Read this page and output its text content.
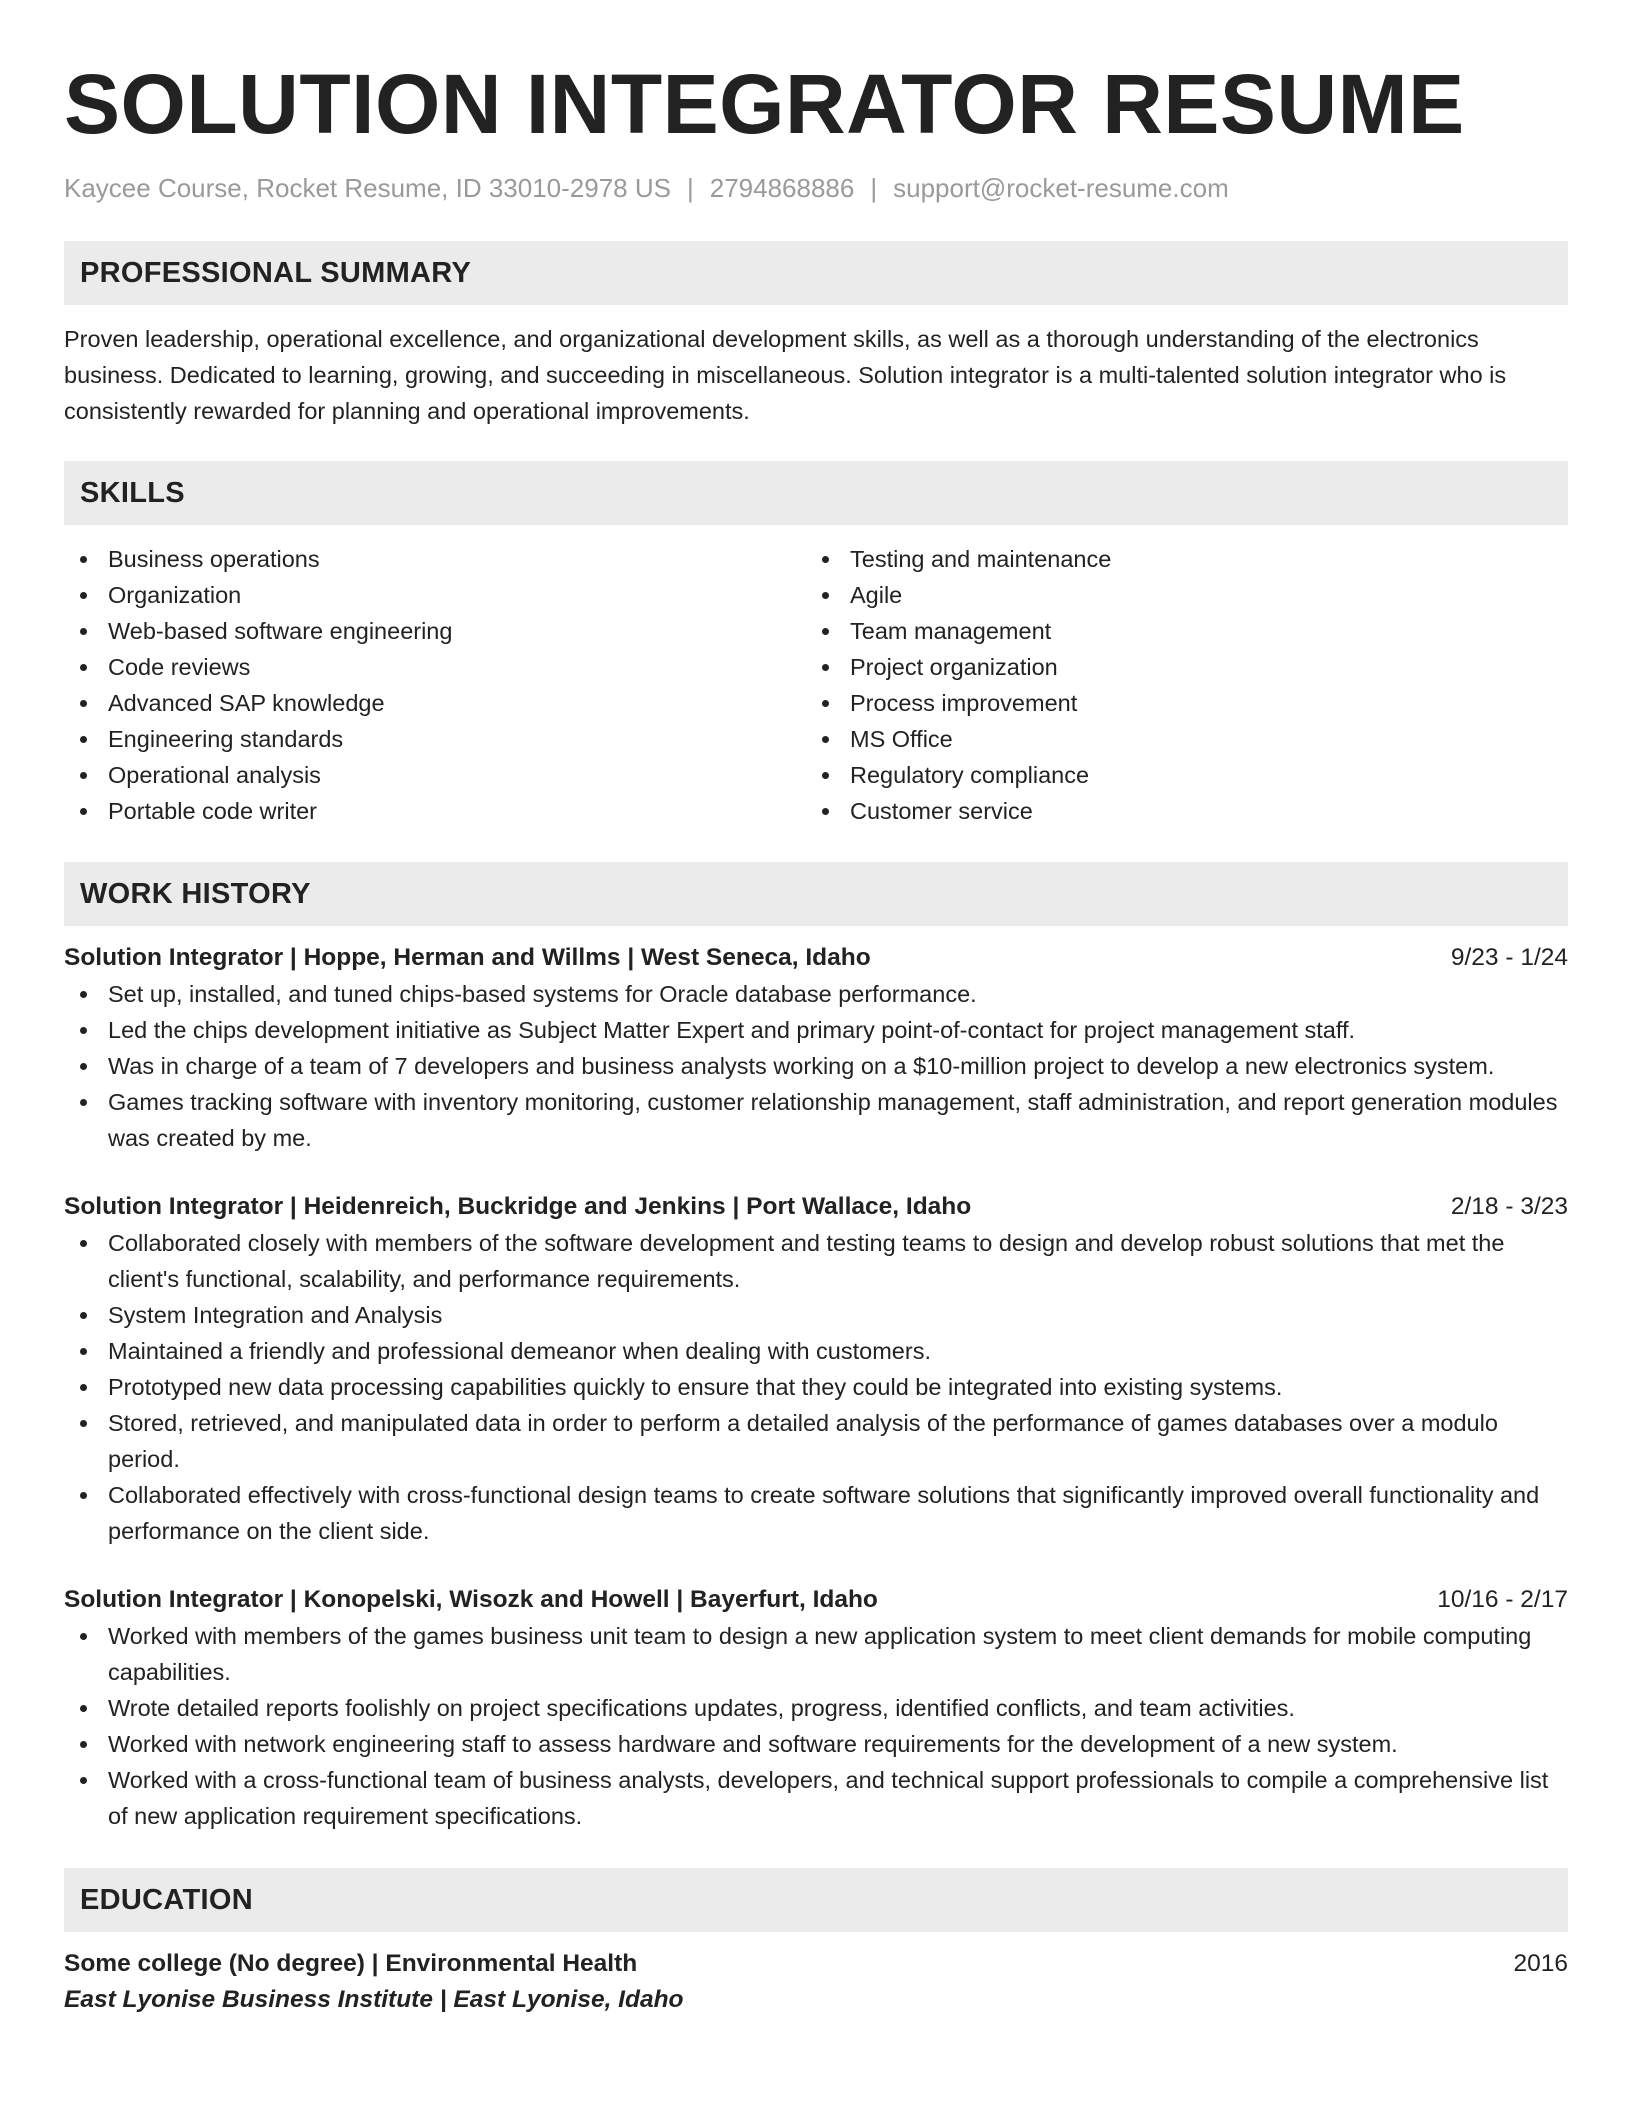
SOLUTION INTEGRATOR RESUME
Kaycee Course, Rocket Resume, ID 33010-2978 US | 2794868886 | support@rocket-resume.com
PROFESSIONAL SUMMARY

Proven leadership, operational excellence, and organizational development skills, as well as a thorough understanding of the electronics business. Dedicated to learning, growing, and succeeding in miscellaneous. Solution integrator is a multi-talented solution integrator who is consistently rewarded for planning and operational improvements.

SKILLS
Business operations
Organization
Web-based software engineering
Code reviews
Advanced SAP knowledge
Engineering standards
Operational analysis
Portable code writer
Testing and maintenance
Agile
Team management
Project organization
Process improvement
MS Office
Regulatory compliance
Customer service
WORK HISTORY
Solution Integrator | Hoppe, Herman and Willms | West Seneca, Idaho	9/23 - 1/24
Set up, installed, and tuned chips-based systems for Oracle database performance.
Led the chips development initiative as Subject Matter Expert and primary point-of-contact for project management staff.
Was in charge of a team of 7 developers and business analysts working on a $10-million project to develop a new electronics system.
Games tracking software with inventory monitoring, customer relationship management, staff administration, and report generation modules was created by me.
Solution Integrator | Heidenreich, Buckridge and Jenkins | Port Wallace, Idaho	2/18 - 3/23
Collaborated closely with members of the software development and testing teams to design and develop robust solutions that met the client's functional, scalability, and performance requirements.
System Integration and Analysis
Maintained a friendly and professional demeanor when dealing with customers.
Prototyped new data processing capabilities quickly to ensure that they could be integrated into existing systems.
Stored, retrieved, and manipulated data in order to perform a detailed analysis of the performance of games databases over a modulo period.
Collaborated effectively with cross-functional design teams to create software solutions that significantly improved overall functionality and performance on the client side.
Solution Integrator | Konopelski, Wisozk and Howell | Bayerfurt, Idaho	10/16 - 2/17
Worked with members of the games business unit team to design a new application system to meet client demands for mobile computing capabilities.
Wrote detailed reports foolishly on project specifications updates, progress, identified conflicts, and team activities.
Worked with network engineering staff to assess hardware and software requirements for the development of a new system.
Worked with a cross-functional team of business analysts, developers, and technical support professionals to compile a comprehensive list of new application requirement specifications.
EDUCATION
Some college (No degree) | Environmental Health	2016
East Lyonise Business Institute | East Lyonise, Idaho
